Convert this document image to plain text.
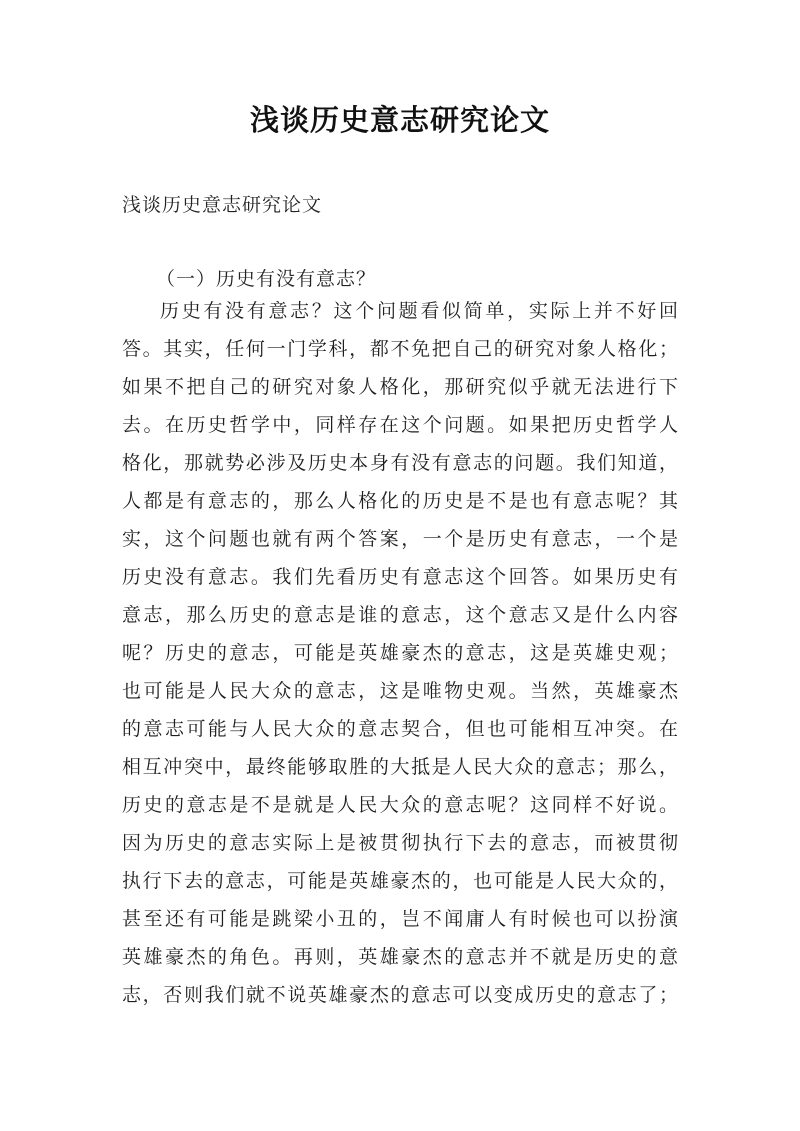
浅谈历史意志研究论文
浅谈历史意志研究论文
（一）历史有没有意志？
历史有没有意志？这个问题看似简单，实际上并不好回
答。其实，任何一门学科，都不免把自己的研究对象人格化；
如果不把自己的研究对象人格化，那研究似乎就无法进行下
去。在历史哲学中，同样存在这个问题。如果把历史哲学人
格化，那就势必涉及历史本身有没有意志的问题。我们知道，
人都是有意志的，那么人格化的历史是不是也有意志呢？其
实，这个问题也就有两个答案，一个是历史有意志，一个是
历史没有意志。我们先看历史有意志这个回答。如果历史有
意志，那么历史的意志是谁的意志，这个意志又是什么内容
呢？历史的意志，可能是英雄豪杰的意志，这是英雄史观；
也可能是人民大众的意志，这是唯物史观。当然，英雄豪杰
的意志可能与人民大众的意志契合，但也可能相互冲突。在
相互冲突中，最终能够取胜的大抵是人民大众的意志；那么，
历史的意志是不是就是人民大众的意志呢？这同样不好说。
因为历史的意志实际上是被贯彻执行下去的意志，而被贯彻
执行下去的意志，可能是英雄豪杰的，也可能是人民大众的，
甚至还有可能是跳梁小丑的，岂不闻庸人有时候也可以扮演
英雄豪杰的角色。再则，英雄豪杰的意志并不就是历史的意
志，否则我们就不说英雄豪杰的意志可以变成历史的意志了；
